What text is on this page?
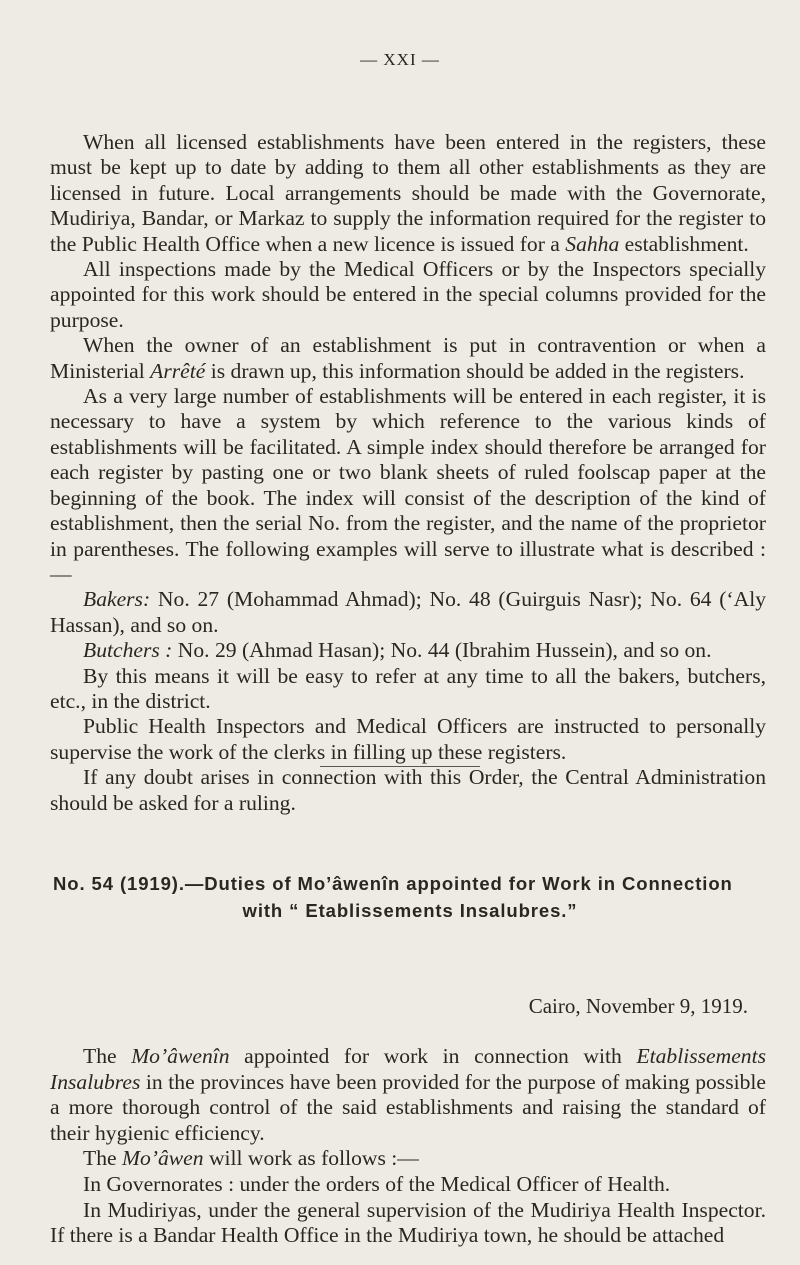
— XXI —

When all licensed establishments have been entered in the registers, these must be kept up to date by adding to them all other establishments as they are licensed in future. Local arrangements should be made with the Governorate, Mudiriya, Bandar, or Markaz to supply the information required for the register to the Public Health Office when a new licence is issued for a Sahha establishment.

All inspections made by the Medical Officers or by the Inspectors specially appointed for this work should be entered in the special columns provided for the purpose.

When the owner of an establishment is put in contravention or when a Ministerial Arrêté is drawn up, this information should be added in the registers.

As a very large number of establishments will be entered in each register, it is necessary to have a system by which reference to the various kinds of establishments will be facilitated. A simple index should therefore be arranged for each register by pasting one or two blank sheets of ruled foolscap paper at the beginning of the book. The index will consist of the description of the kind of establishment, then the serial No. from the register, and the name of the proprietor in parentheses. The following examples will serve to illustrate what is described :—

Bakers: No. 27 (Mohammad Ahmad); No. 48 (Guirguis Nasr); No. 64 (‘Aly Hassan), and so on.

Butchers : No. 29 (Ahmad Hasan); No. 44 (Ibrahim Hussein), and so on.

By this means it will be easy to refer at any time to all the bakers, butchers, etc., in the district.

Public Health Inspectors and Medical Officers are instructed to personally supervise the work of the clerks in filling up these registers.

If any doubt arises in connection with this Order, the Central Administration should be asked for a ruling.

No. 54 (1919).—Duties of Mo’âwenîn appointed for Work in Connection
with “ Etablissements Insalubres.”
Cairo, November 9, 1919.

The Mo’âwenîn appointed for work in connection with Etablissements Insalubres in the provinces have been provided for the purpose of making possible a more thorough control of the said establishments and raising the standard of their hygienic efficiency.

The Mo’âwen will work as follows :—

In Governorates : under the orders of the Medical Officer of Health.

In Mudiriyas, under the general supervision of the Mudiriya Health Inspector. If there is a Bandar Health Office in the Mudiriya town, he should be attached
